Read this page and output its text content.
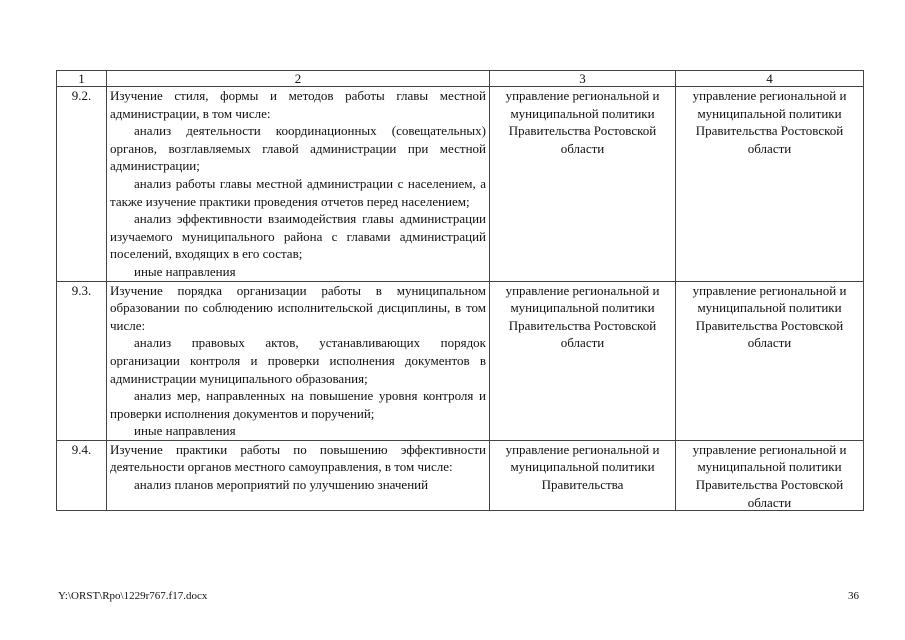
1	2	3	4
9.2.	Изучение стиля, формы и методов работы главы местной администрации, в том числе:

анализ деятельности координационных (совещательных) органов, возглавляемых главой администрации при местной администрации;

анализ работы главы местной администрации с населением, а также изучение практики проведения отчетов перед населением;

анализ эффективности взаимодействия главы администрации изучаемого муниципального района с главами администраций поселений, входящих в его состав;

иные направления	управление региональной и муниципальной политики Правительства Ростовской области	управление региональной и муниципальной политики Правительства Ростовской области
9.3.	Изучение порядка организации работы в муниципальном образовании по соблюдению исполнительской дисциплины, в том числе:

анализ правовых актов, устанавливающих порядок организации контроля и проверки исполнения документов в администрации муниципального образования;

анализ мер, направленных на повышение уровня контроля и проверки исполнения документов и поручений;

иные направления	управление региональной и муниципальной политики Правительства Ростовской области	управление региональной и муниципальной политики Правительства Ростовской области
9.4.	Изучение практики работы по повышению эффективности деятельности органов местного самоуправления, в том числе:

анализ планов мероприятий по улучшению значений	управление региональной и муниципальной политики Правительства	управление региональной и муниципальной политики Правительства Ростовской области
Y:\ORST\Rpo\1229r767.f17.docx	36
